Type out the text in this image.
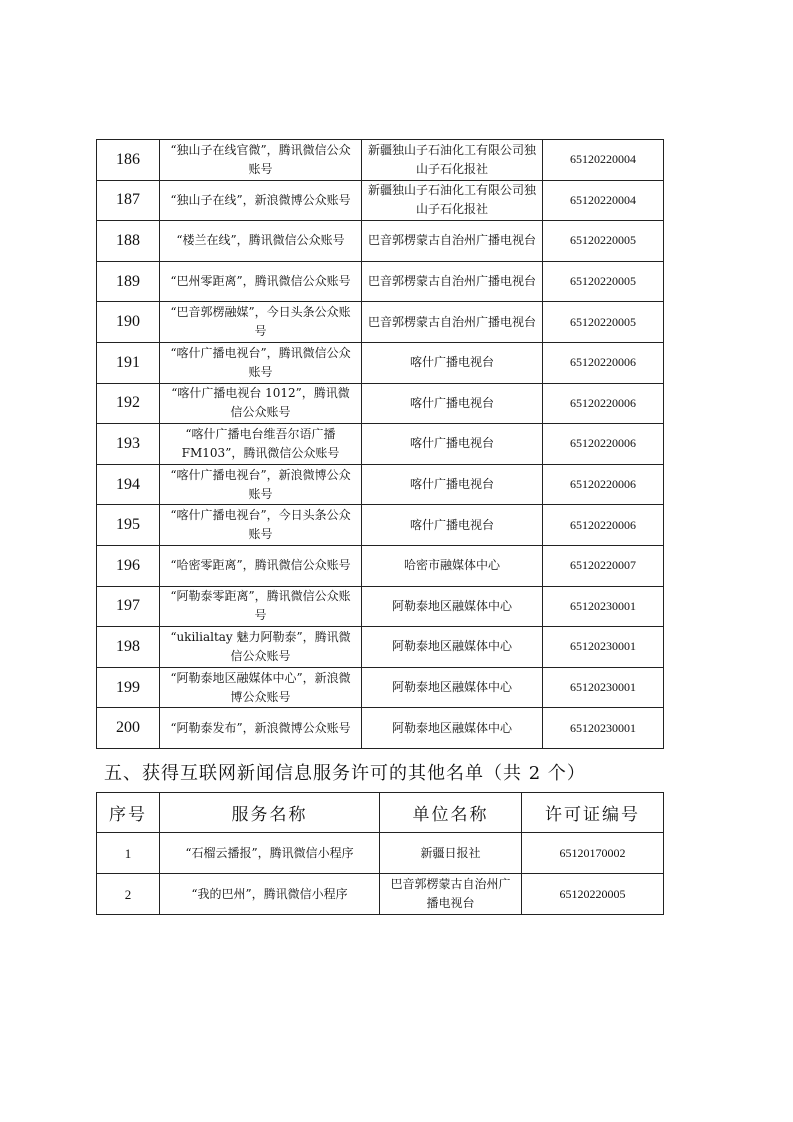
186	“独山子在线官微”，腾讯微信公众账号	新疆独山子石油化工有限公司独山子石化报社	65120220004
187	“独山子在线”，新浪微博公众账号	新疆独山子石油化工有限公司独山子石化报社	65120220004
188	“楼兰在线”，腾讯微信公众账号	巴音郭楞蒙古自治州广播电视台	65120220005
189	“巴州零距离”，腾讯微信公众账号	巴音郭楞蒙古自治州广播电视台	65120220005
190	“巴音郭楞融媒”，今日头条公众账号	巴音郭楞蒙古自治州广播电视台	65120220005
191	“喀什广播电视台”，腾讯微信公众账号	喀什广播电视台	65120220006
192	“喀什广播电视台 1012”，腾讯微信公众账号	喀什广播电视台	65120220006
193	“喀什广播电台维吾尔语广播 FM103”，腾讯微信公众账号	喀什广播电视台	65120220006
194	“喀什广播电视台”，新浪微博公众账号	喀什广播电视台	65120220006
195	“喀什广播电视台”，今日头条公众账号	喀什广播电视台	65120220006
196	“哈密零距离”，腾讯微信公众账号	哈密市融媒体中心	65120220007
197	“阿勒泰零距离”，腾讯微信公众账号	阿勒泰地区融媒体中心	65120230001
198	“ukilialtay 魅力阿勒泰”，腾讯微信公众账号	阿勒泰地区融媒体中心	65120230001
199	“阿勒泰地区融媒体中心”，新浪微博公众账号	阿勒泰地区融媒体中心	65120230001
200	“阿勒泰发布”，新浪微博公众账号	阿勒泰地区融媒体中心	65120230001
五、获得互联网新闻信息服务许可的其他名单（共 2 个）
序号	服务名称	单位名称	许可证编号
1	“石榴云播报”，腾讯微信小程序	新疆日报社	65120170002
2	“我的巴州”，腾讯微信小程序	巴音郭楞蒙古自治州广播电视台	65120220005
